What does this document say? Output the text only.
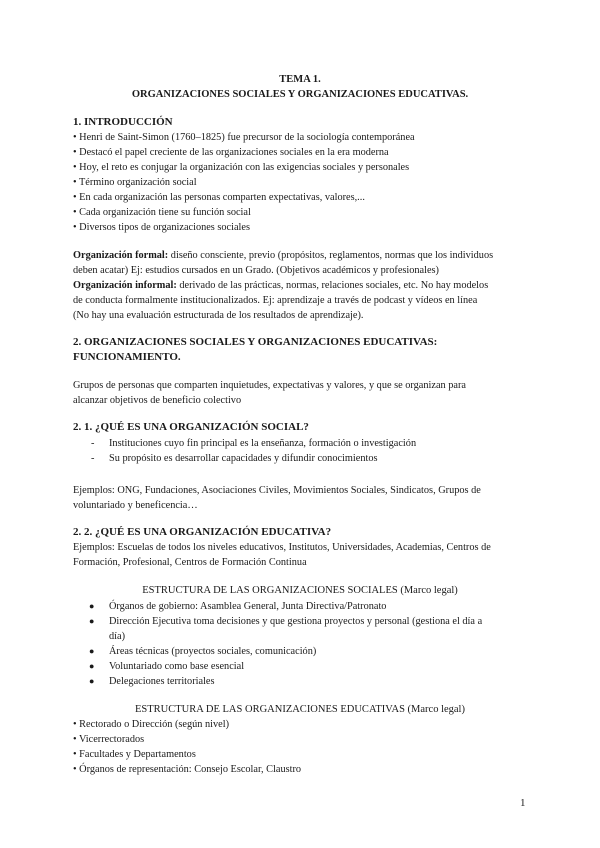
TEMA 1.
ORGANIZACIONES SOCIALES Y ORGANIZACIONES EDUCATIVAS.
1. INTRODUCCIÓN
• Henri de Saint-Simon (1760–1825) fue precursor de la sociología contemporánea
• Destacó el papel creciente de las organizaciones sociales en la era moderna
• Hoy, el reto es conjugar la organización con las exigencias sociales y personales
• Término organización social
• En cada organización las personas comparten expectativas, valores,...
• Cada organización tiene su función social
• Diversos tipos de organizaciones sociales
Organización formal: diseño consciente, previo (propósitos, reglamentos, normas que los individuos
deben acatar) Ej: estudios cursados en un Grado. (Objetivos académicos y profesionales)
Organización informal: derivado de las prácticas, normas, relaciones sociales, etc. No hay modelos
de conducta formalmente institucionalizados. Ej: aprendizaje a través de podcast y vídeos en línea
(No hay una evaluación estructurada de los resultados de aprendizaje).
2. ORGANIZACIONES SOCIALES Y ORGANIZACIONES EDUCATIVAS:
FUNCIONAMIENTO.
Grupos de personas que comparten inquietudes, expectativas y valores, y que se organizan para
alcanzar objetivos de beneficio colectivo
2. 1. ¿QUÉ ES UNA ORGANIZACIÓN SOCIAL?
- Instituciones cuyo fin principal es la enseñanza, formación o investigación
- Su propósito es desarrollar capacidades y difundir conocimientos
Ejemplos: ONG, Fundaciones, Asociaciones Civiles, Movimientos Sociales, Sindicatos, Grupos de
voluntariado y beneficencia…
2. 2. ¿QUÉ ES UNA ORGANIZACIÓN EDUCATIVA?
Ejemplos: Escuelas de todos los niveles educativos, Institutos, Universidades, Academias, Centros de
Formación, Profesional, Centros de Formación Continua
ESTRUCTURA DE LAS ORGANIZACIONES SOCIALES (Marco legal)
● Órganos de gobierno: Asamblea General, Junta Directiva/Patronato
● Dirección Ejecutiva toma decisiones y que gestiona proyectos y personal (gestiona el día a
día)
● Áreas técnicas (proyectos sociales, comunicación)
● Voluntariado como base esencial
● Delegaciones territoriales
ESTRUCTURA DE LAS ORGANIZACIONES EDUCATIVAS (Marco legal)
• Rectorado o Dirección (según nivel)
• Vicerrectorados
• Facultades y Departamentos
• Órganos de representación: Consejo Escolar, Claustro
1
